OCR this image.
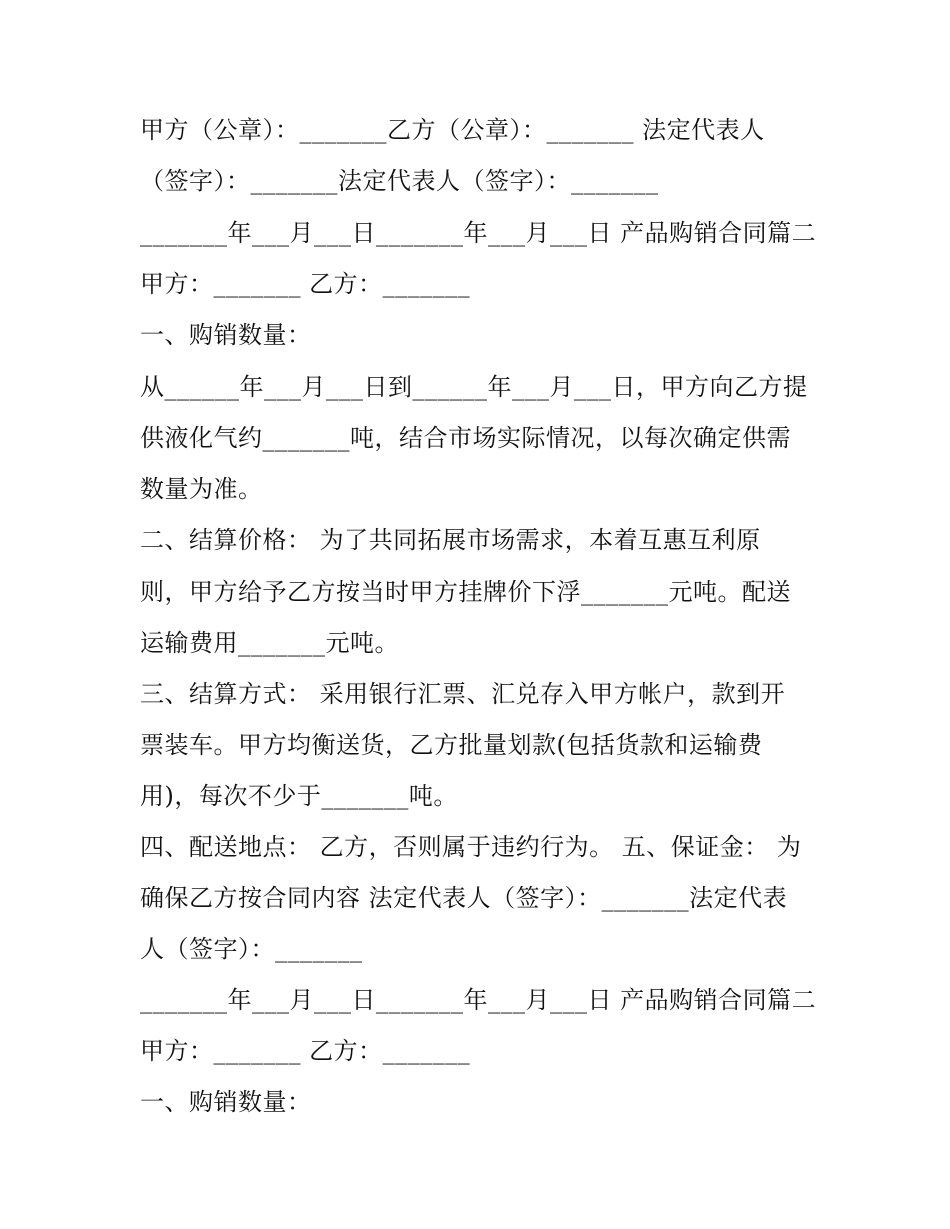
甲方（公章）：_______乙方（公章）：_______ 法定代表人
（签字）：_______法定代表人（签字）：_______
_______年___月___日_______年___月___日 产品购销合同篇二
甲方：_______ 乙方：_______
一、购销数量：
从______年___月___日到______年___月___日，甲方向乙方提
供液化气约_______吨，结合市场实际情况，以每次确定供需
数量为准。
二、结算价格： 为了共同拓展市场需求，本着互惠互利原
则，甲方给予乙方按当时甲方挂牌价下浮_______元吨。配送
运输费用_______元吨。
三、结算方式： 采用银行汇票、汇兑存入甲方帐户，款到开
票装车。甲方均衡送货，乙方批量划款(包括货款和运输费
用)，每次不少于_______吨。
四、配送地点： 乙方，否则属于违约行为。 五、保证金： 为
确保乙方按合同内容 法定代表人（签字）：_______法定代表
人（签字）：_______
_______年___月___日_______年___月___日 产品购销合同篇二
甲方：_______ 乙方：_______
一、购销数量：
